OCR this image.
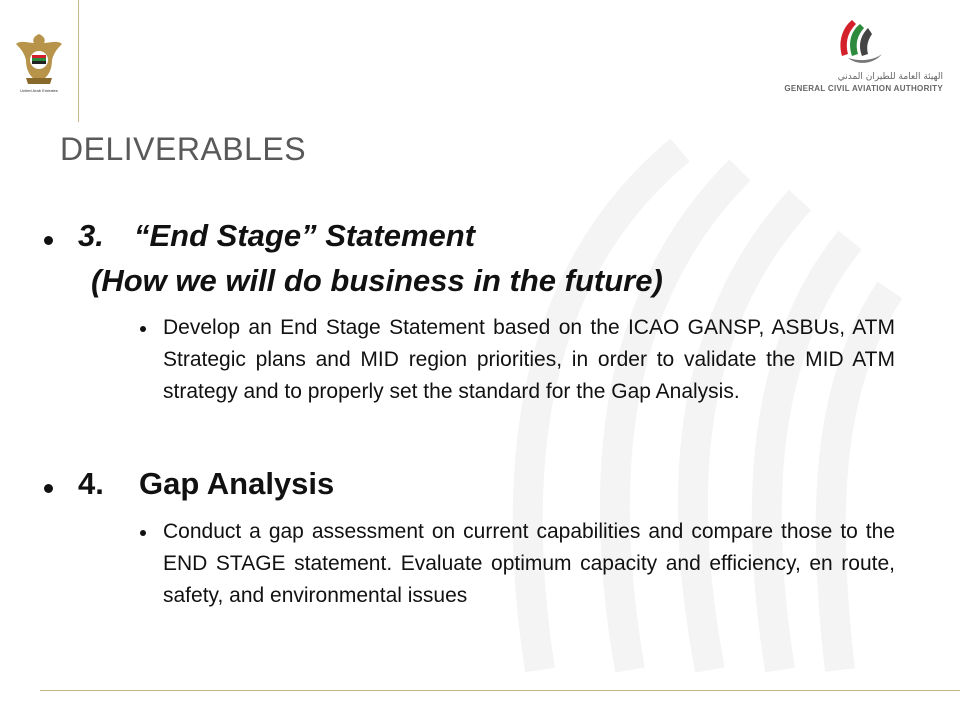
United Arab Emirates
الهيئة العامة للطيران المدني
GENERAL CIVIL AVIATION AUTHORITY
DELIVERABLES
3. “End Stage” Statement
(How we will do business in the future)
Develop an End Stage Statement based on the ICAO GANSP, ASBUs, ATM Strategic plans and MID region priorities, in order to validate the MID ATM strategy and to properly set the standard for the Gap Analysis.
4. Gap Analysis
Conduct a gap assessment on current capabilities and compare those to the END STAGE statement. Evaluate optimum capacity and efficiency, en route, safety, and environmental issues
